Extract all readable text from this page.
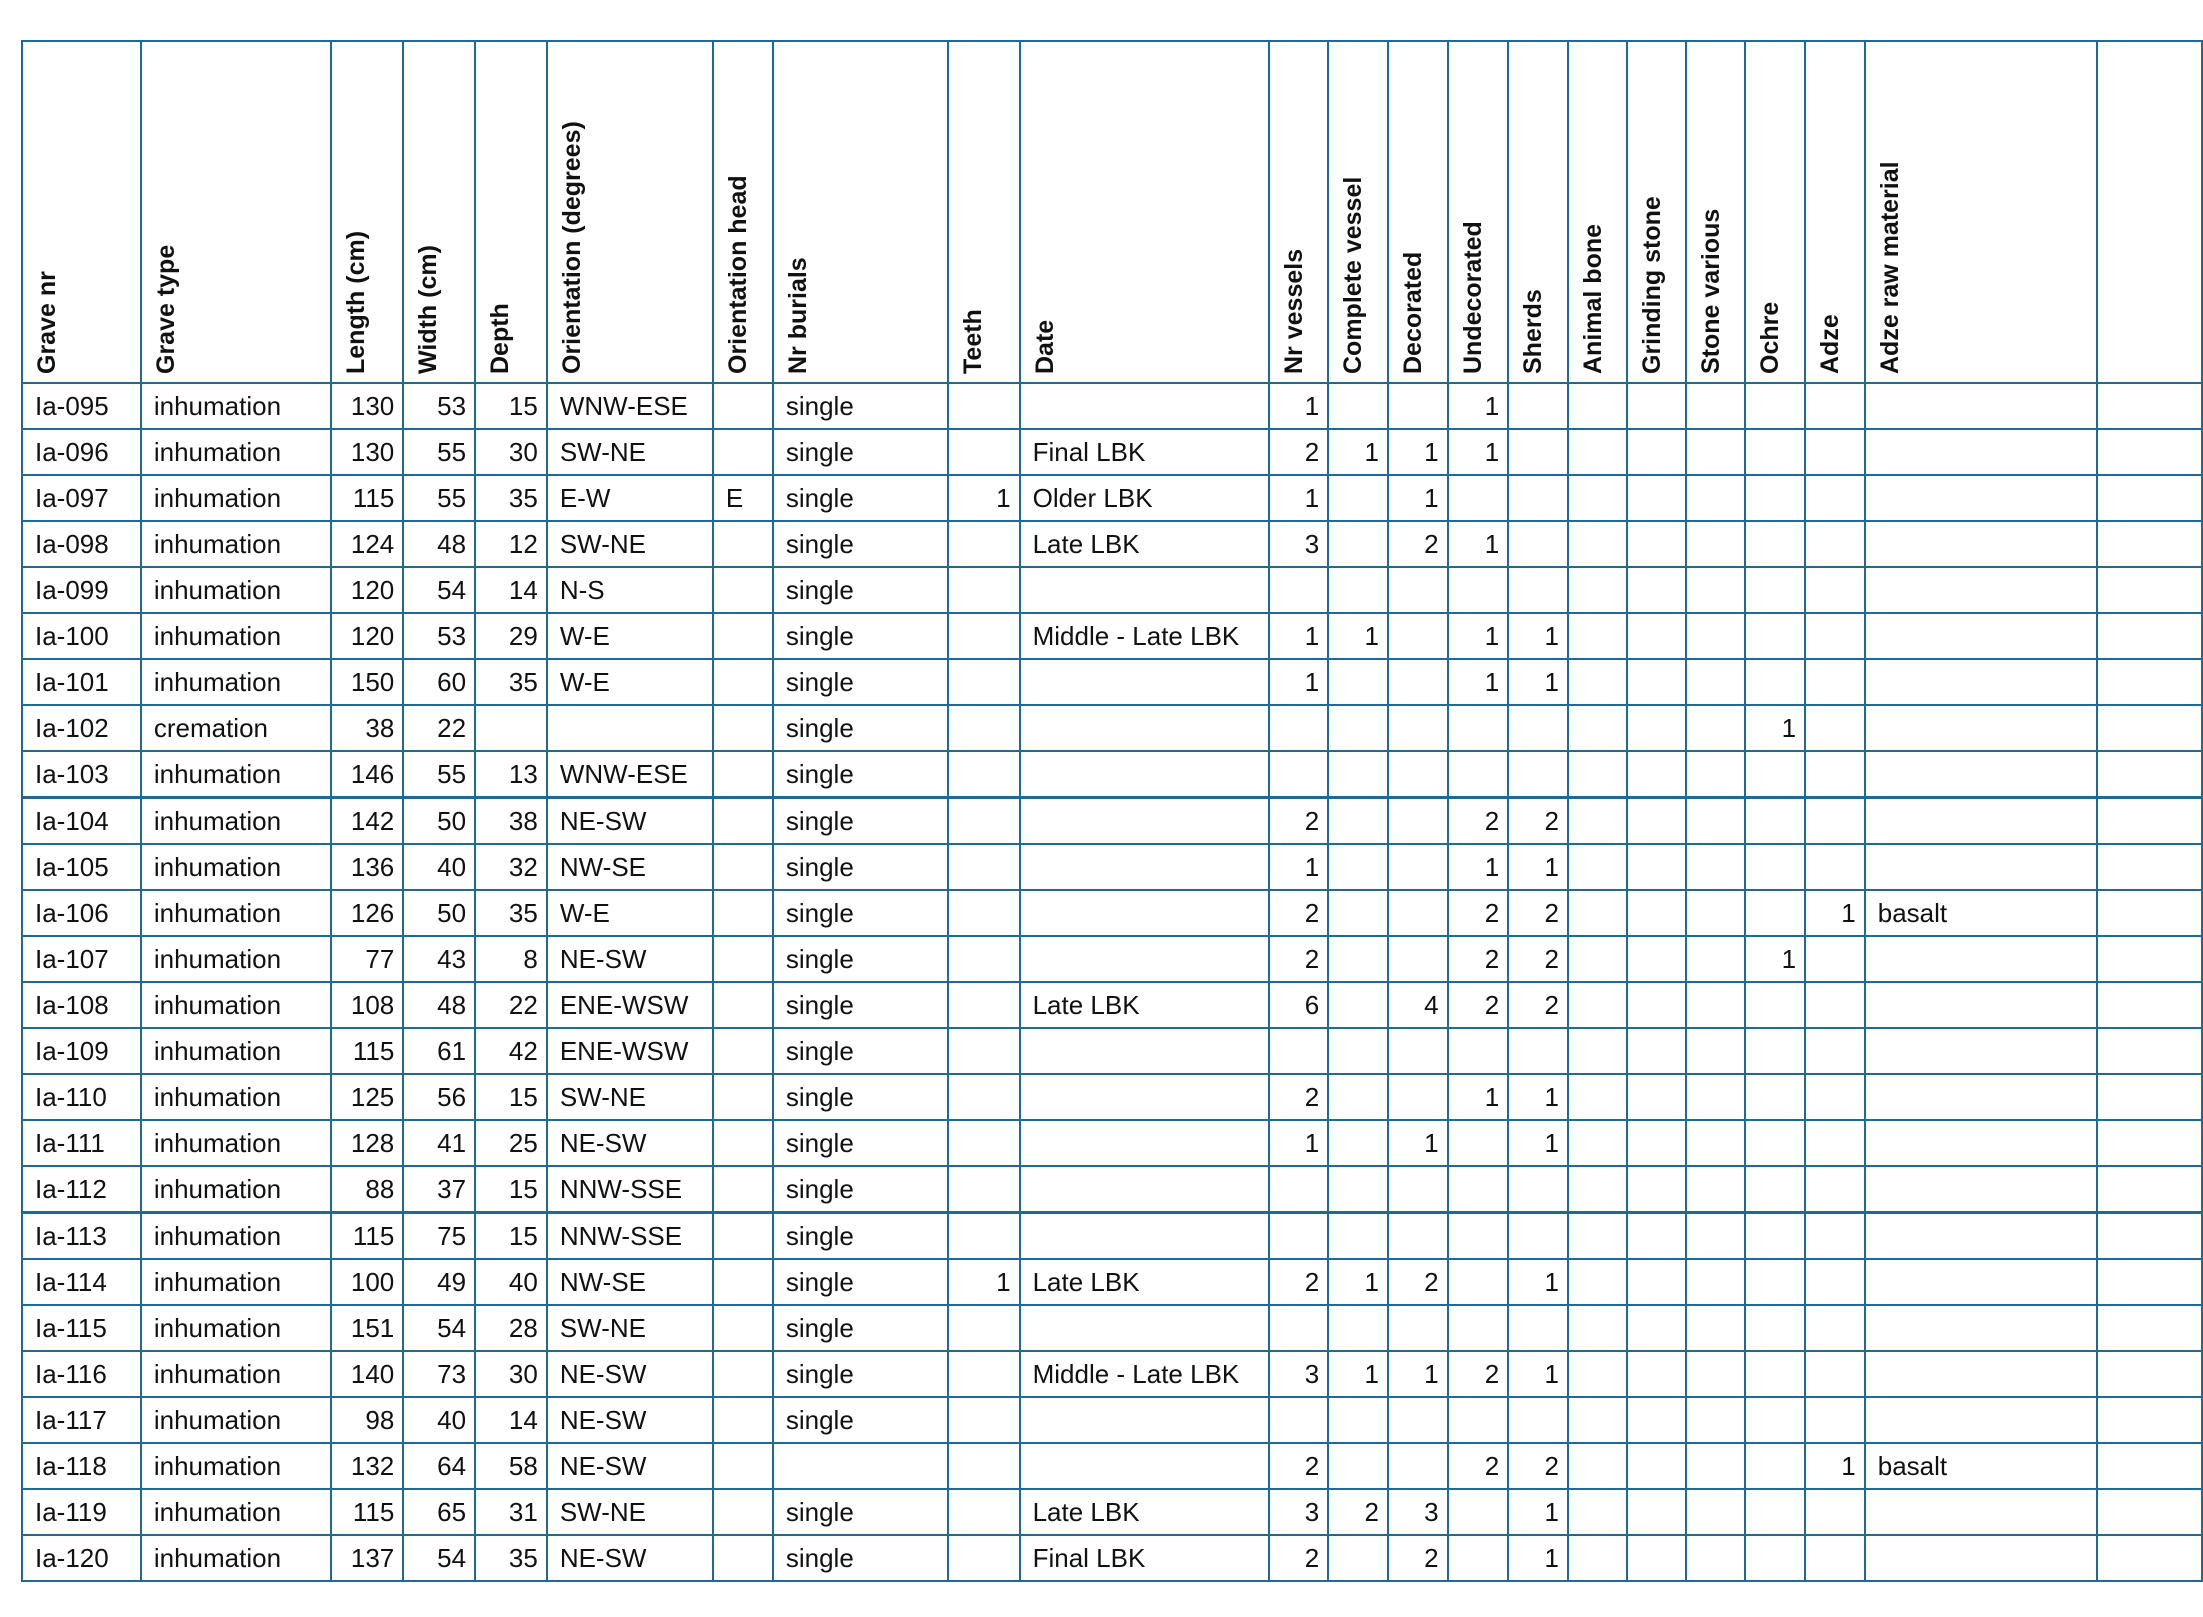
Grave nr	Grave type	Length (cm)	Width (cm)	Depth	Orientation (degrees)	Orientation head	Nr burials	Teeth	Date	Nr vessels	Complete vessel	Decorated	Undecorated	Sherds	Animal bone	Grinding stone	Stone various	Ochre	Adze	Adze raw material	

Ia-095	inhumation	130	53	15	WNW-ESE		single			1			1								
Ia-096	inhumation	130	55	30	SW-NE		single		Final LBK	2	1	1	1								
Ia-097	inhumation	115	55	35	E-W	E	single	1	Older LBK	1		1									
Ia-098	inhumation	124	48	12	SW-NE		single		Late LBK	3		2	1								
Ia-099	inhumation	120	54	14	N-S		single														
Ia-100	inhumation	120	53	29	W-E		single		Middle - Late LBK	1	1		1	1							
Ia-101	inhumation	150	60	35	W-E		single			1			1	1							
Ia-102	cremation	38	22				single											1			
Ia-103	inhumation	146	55	13	WNW-ESE		single														
Ia-104	inhumation	142	50	38	NE-SW		single			2			2	2							
Ia-105	inhumation	136	40	32	NW-SE		single			1			1	1							
Ia-106	inhumation	126	50	35	W-E		single			2			2	2					1	basalt	
Ia-107	inhumation	77	43	8	NE-SW		single			2			2	2				1			
Ia-108	inhumation	108	48	22	ENE-WSW		single		Late LBK	6		4	2	2							
Ia-109	inhumation	115	61	42	ENE-WSW		single														
Ia-110	inhumation	125	56	15	SW-NE		single			2			1	1							
Ia-111	inhumation	128	41	25	NE-SW		single			1		1		1							
Ia-112	inhumation	88	37	15	NNW-SSE		single														
Ia-113	inhumation	115	75	15	NNW-SSE		single														
Ia-114	inhumation	100	49	40	NW-SE		single	1	Late LBK	2	1	2		1							
Ia-115	inhumation	151	54	28	SW-NE		single														
Ia-116	inhumation	140	73	30	NE-SW		single		Middle - Late LBK	3	1	1	2	1							
Ia-117	inhumation	98	40	14	NE-SW		single														
Ia-118	inhumation	132	64	58	NE-SW					2			2	2					1	basalt	
Ia-119	inhumation	115	65	31	SW-NE		single		Late LBK	3	2	3		1							
Ia-120	inhumation	137	54	35	NE-SW		single		Final LBK	2		2		1							
